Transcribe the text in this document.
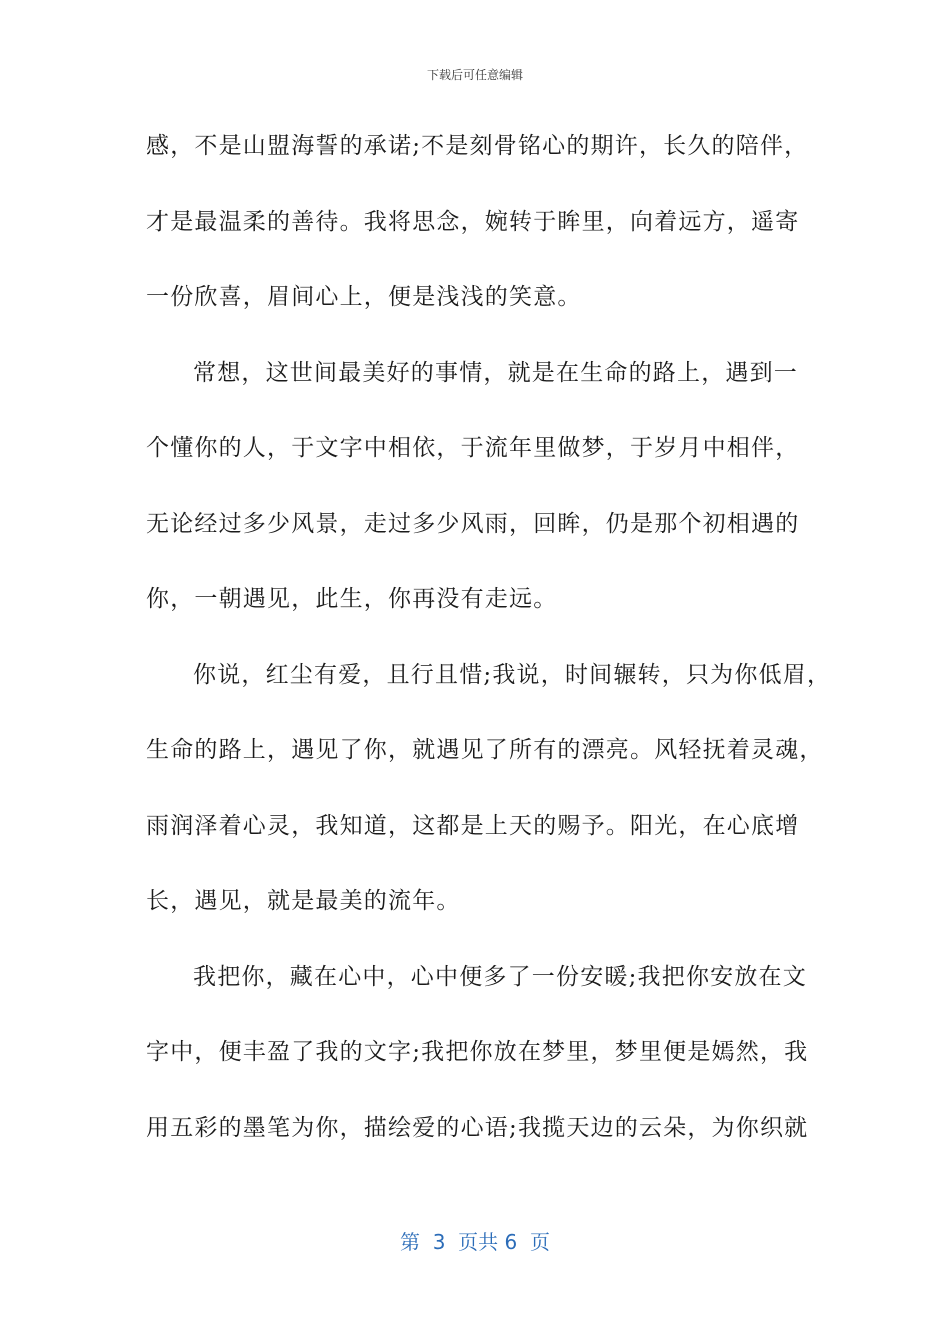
下载后可任意编辑
感，不是山盟海誓的承诺;不是刻骨铭心的期许，长久的陪伴，
才是最温柔的善待。我将思念，婉转于眸里，向着远方，遥寄
一份欣喜，眉间心上，便是浅浅的笑意。
常想，这世间最美好的事情，就是在生命的路上，遇到一
个懂你的人，于文字中相依，于流年里做梦，于岁月中相伴，
无论经过多少风景，走过多少风雨，回眸，仍是那个初相遇的
你，一朝遇见，此生，你再没有走远。
你说，红尘有爱，且行且惜;我说，时间辗转，只为你低眉，
生命的路上，遇见了你，就遇见了所有的漂亮。风轻抚着灵魂，
雨润泽着心灵，我知道，这都是上天的赐予。阳光，在心底增
长，遇见，就是最美的流年。
我把你，藏在心中，心中便多了一份安暖;我把你安放在文
字中，便丰盈了我的文字;我把你放在梦里，梦里便是嫣然，我
用五彩的墨笔为你，描绘爱的心语;我揽天边的云朵，为你织就
第  3  页共 6  页
